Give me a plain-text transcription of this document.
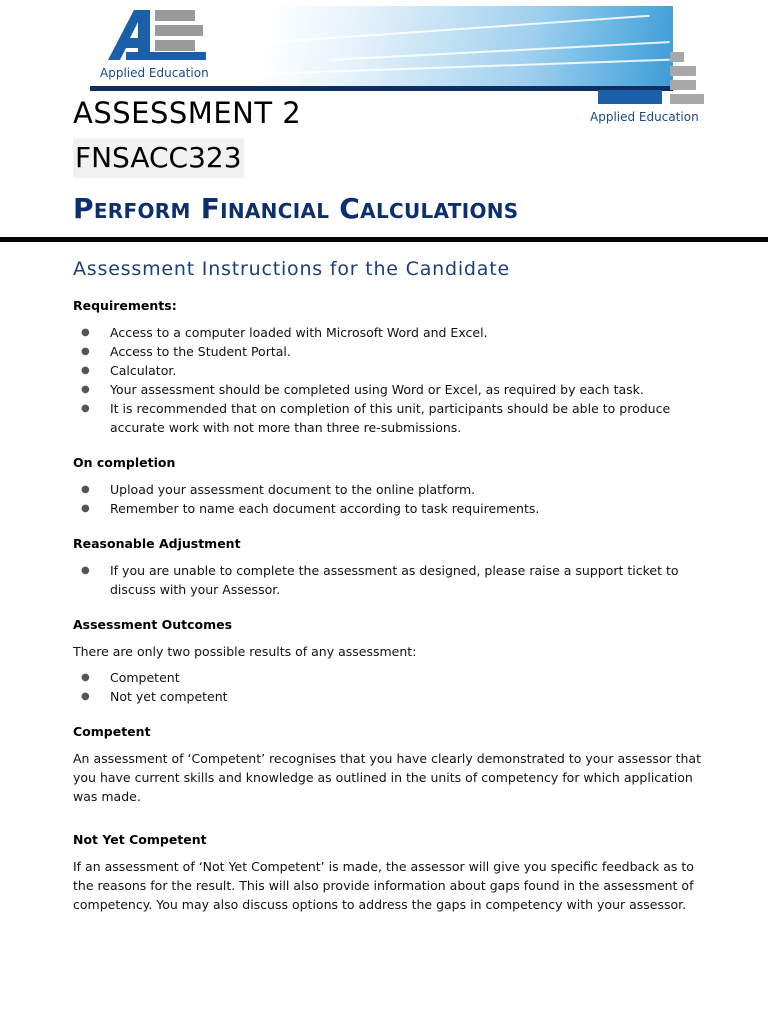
Applied Education
Applied Education
ASSESSMENT 2
FNSACC323
Perform Financial Calculations
Assessment Instructions for the Candidate
Requirements:
● Access to a computer loaded with Microsoft Word and Excel.
● Access to the Student Portal.
● Calculator.
● Your assessment should be completed using Word or Excel, as required by each task.
● It is recommended that on completion of this unit, participants should be able to produce accurate work with not more than three re-submissions.
On completion
● Upload your assessment document to the online platform.
● Remember to name each document according to task requirements.
Reasonable Adjustment
● If you are unable to complete the assessment as designed, please raise a support ticket to discuss with your Assessor.
Assessment Outcomes

There are only two possible results of any assessment:

● Competent
● Not yet competent
Competent

An assessment of ‘Competent’ recognises that you have clearly demonstrated to your assessor that you have current skills and knowledge as outlined in the units of competency for which application was made.

Not Yet Competent

If an assessment of ‘Not Yet Competent’ is made, the assessor will give you specific feedback as to the reasons for the result. This will also provide information about gaps found in the assessment of competency. You may also discuss options to address the gaps in competency with your assessor.
